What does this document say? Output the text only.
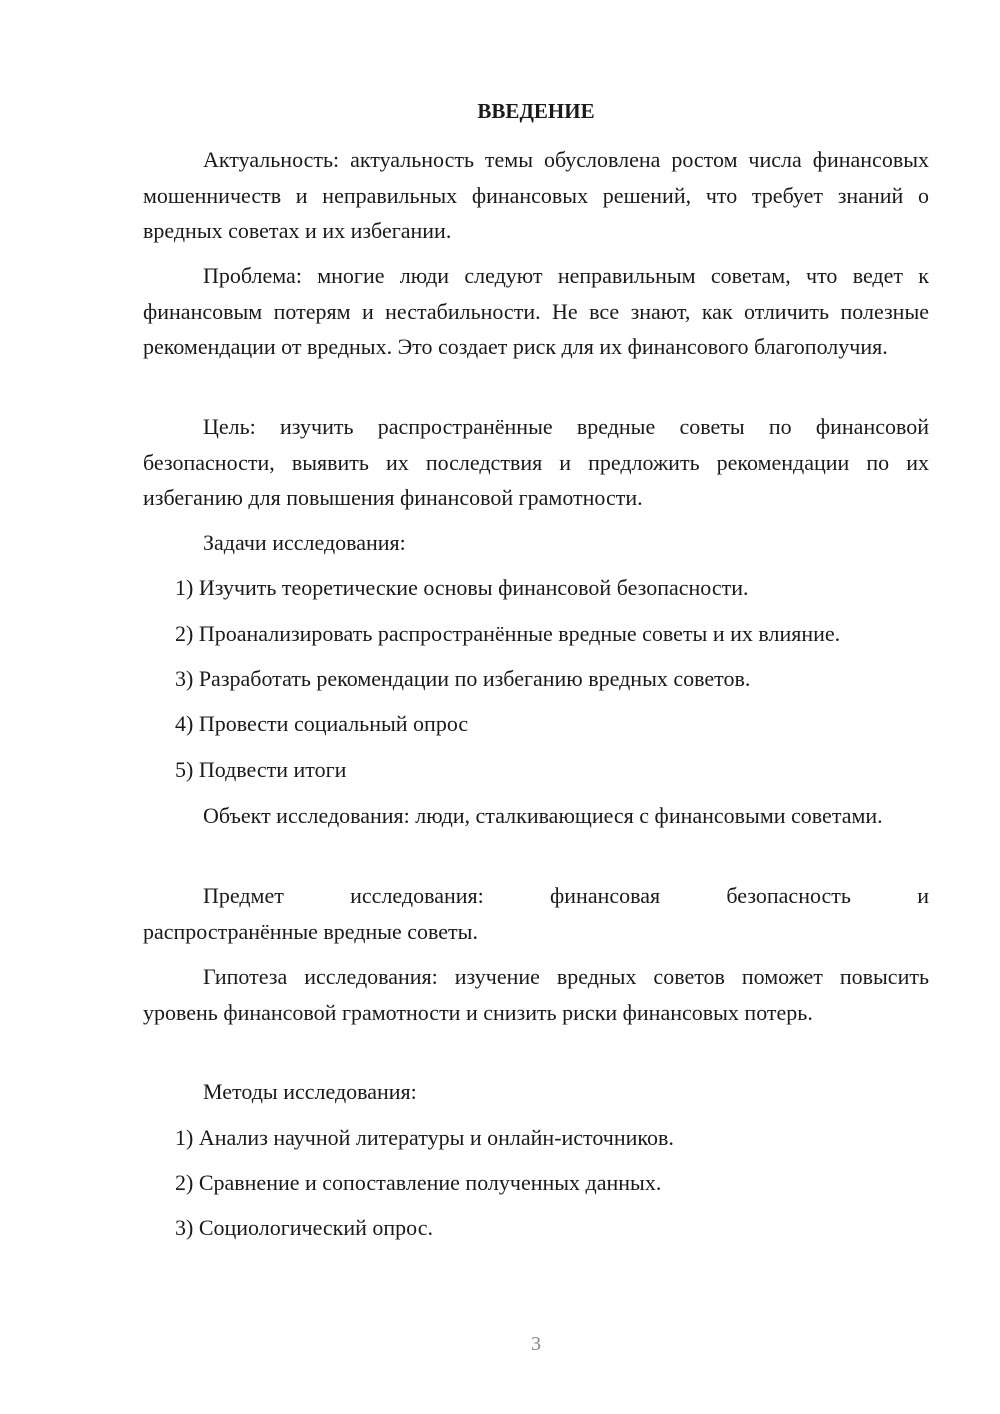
ВВЕДЕНИЕ

Актуальность: актуальность темы обусловлена ростом числа финансовых мошенничеств и неправильных финансовых решений, что требует знаний о вредных советах и их избегании.

Проблема: многие люди следуют неправильным советам, что ведет к финансовым потерям и нестабильности. Не все знают, как отличить полезные рекомендации от вредных. Это создает риск для их финансового благополучия.

Цель: изучить распространённые вредные советы по финансовой безопасности, выявить их последствия и предложить рекомендации по их избеганию для повышения финансовой грамотности.

Задачи исследования:

1) Изучить теоретические основы финансовой безопасности.

2) Проанализировать распространённые вредные советы и их влияние.

3) Разработать рекомендации по избеганию вредных советов.

4) Провести социальный опрос

5) Подвести итоги

Объект исследования: люди, сталкивающиеся с финансовыми советами.

Предмет	исследования:	финансовая	безопасность	и
распространённые вредные советы.

Гипотеза исследования: изучение вредных советов поможет повысить уровень финансовой грамотности и снизить риски финансовых потерь.

Методы исследования:

1) Анализ научной литературы и онлайн-источников.

2) Сравнение и сопоставление полученных данных.

3) Социологический опрос.

3
